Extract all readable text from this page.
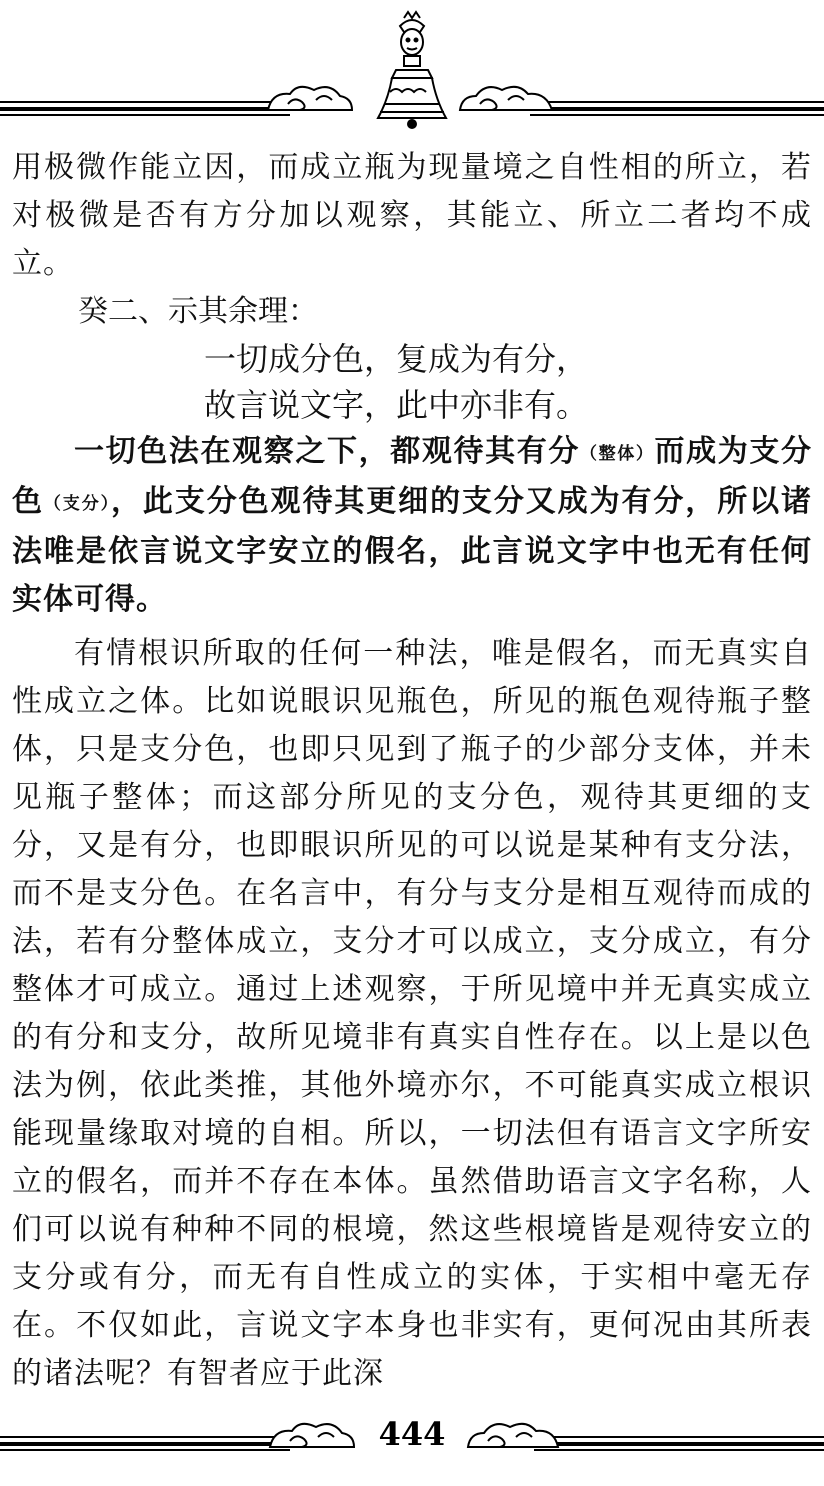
用极微作能立因，而成立瓶为现量境之自性相的所立，若对极微是否有方分加以观察，其能立、所立二者均不成立。

癸二、示其余理：

一切成分色，复成为有分，

故言说文字，此中亦非有。

一切色法在观察之下，都观待其有分（整体）而成为支分色（支分），此支分色观待其更细的支分又成为有分，所以诸法唯是依言说文字安立的假名，此言说文字中也无有任何实体可得。

有情根识所取的任何一种法，唯是假名，而无真实自性成立之体。比如说眼识见瓶色，所见的瓶色观待瓶子整体，只是支分色，也即只见到了瓶子的少部分支体，并未见瓶子整体；而这部分所见的支分色，观待其更细的支分，又是有分，也即眼识所见的可以说是某种有支分法，而不是支分色。在名言中，有分与支分是相互观待而成的法，若有分整体成立，支分才可以成立，支分成立，有分整体才可成立。通过上述观察，于所见境中并无真实成立的有分和支分，故所见境非有真实自性存在。以上是以色法为例，依此类推，其他外境亦尔，不可能真实成立根识能现量缘取对境的自相。所以，一切法但有语言文字所安立的假名，而并不存在本体。虽然借助语言文字名称，人们可以说有种种不同的根境，然这些根境皆是观待安立的支分或有分，而无有自性成立的实体，于实相中毫无存在。不仅如此，言说文字本身也非实有，更何况由其所表的诸法呢？有智者应于此深

444
